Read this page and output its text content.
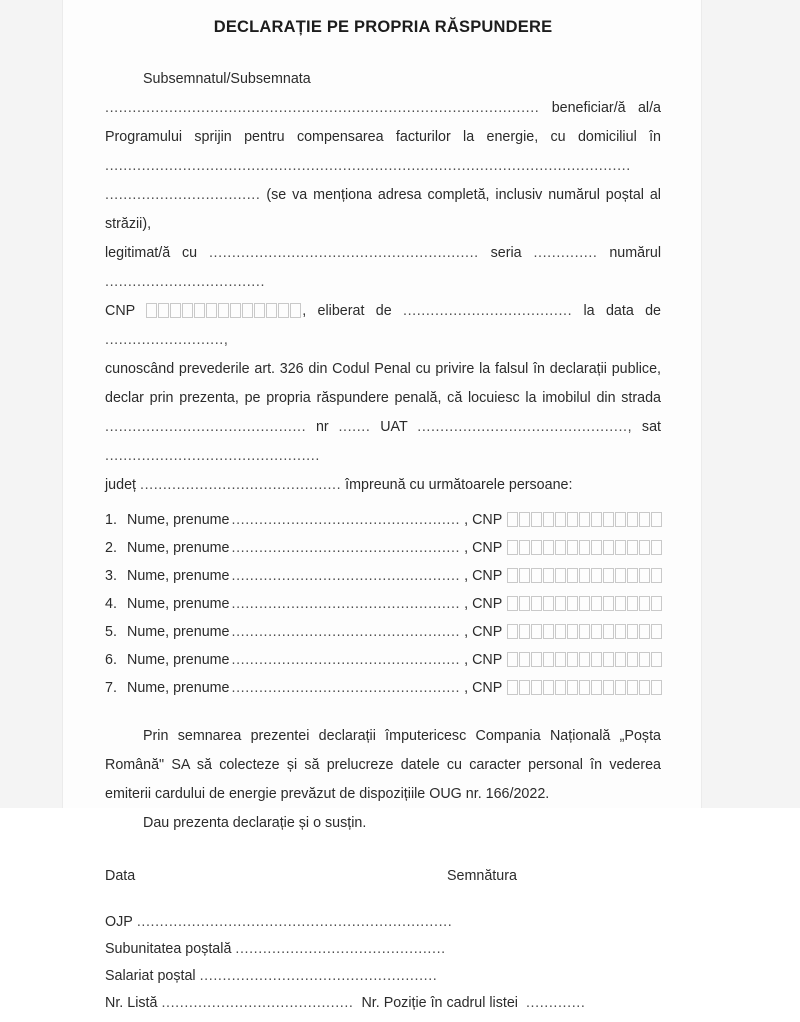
DECLARAȚIE PE PROPRIA RĂSPUNDERE
Subsemnatul/Subsemnata ............................................................................................... beneficiar/ă al/a Programului sprijin pentru compensarea facturilor la energie, cu domiciliul în ................................................................................................................... .................................. (se va menționa adresa completă, inclusiv numărul poștal al străzii),
legitimat/ă cu ........................................................... seria .............. numărul ...................................
CNP	, eliberat de ..................................... la data de ..........................,
cunoscând prevederile art. 326 din Codul Penal cu privire la falsul în declarații publice, declar prin prezenta, pe propria răspundere penală, că locuiesc la imobilul din strada ............................................ nr ....... UAT .............................................., sat ...............................................
județ ............................................ împreună cu următoarele persoane:
1. Nume, prenume .................................................. , CNP
2. Nume, prenume .................................................. , CNP
3. Nume, prenume .................................................. , CNP
4. Nume, prenume .................................................. , CNP
5. Nume, prenume .................................................. , CNP
6. Nume, prenume .................................................. , CNP
7. Nume, prenume .................................................. , CNP
Prin semnarea prezentei declarații împutericesc Compania Națională „Poșta Română" SA să colecteze și să prelucreze datele cu caracter personal în vederea emiterii cardului de energie prevăzut de dispozițiile OUG nr. 166/2022.
Dau prezenta declarație și o susțin.
Data	Semnătura
OJP .....................................................................
Subunitatea poștală ..............................................
Salariat poștal ....................................................
Nr. Listă .......................................... Nr. Poziție în cadrul listei .............
